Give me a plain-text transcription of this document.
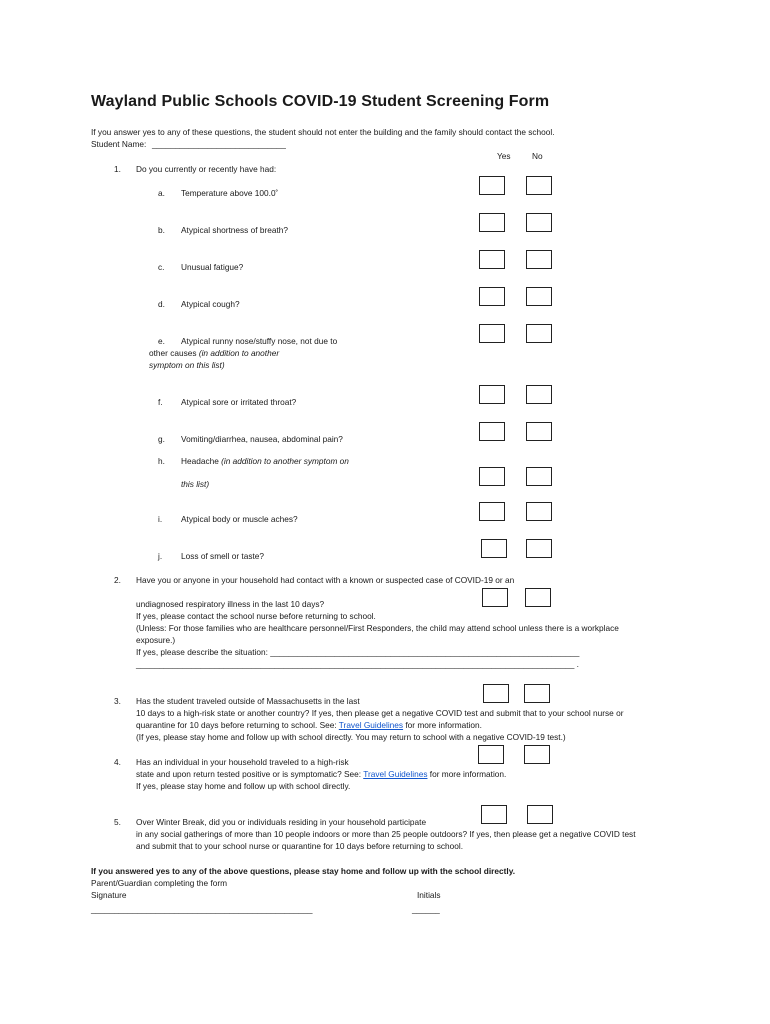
Wayland Public Schools COVID-19 Student Screening Form
If you answer yes to any of these questions, the student should not enter the building and the family should contact the school.
Student Name: _____________________________
Yes	No
1. Do you currently or recently have had:
a. Temperature above 100.0˚
b. Atypical shortness of breath?
c. Unusual fatigue?
d. Atypical cough?
e. Atypical runny nose/stuffy nose, not due to
other causes (in addition to another
symptom on this list)
f. Atypical sore or irritated throat?
g. Vomiting/diarrhea, nausea, abdominal pain?
h. Headache (in addition to another symptom on
this list)
i. Atypical body or muscle aches?
j. Loss of smell or taste?
2. Have you or anyone in your household had contact with a known or suspected case of COVID-19 or an
undiagnosed respiratory illness in the last 10 days?
If yes, please contact the school nurse before returning to school.
(Unless: For those families who are healthcare personnel/First Responders, the child may attend school unless there is a workplace
exposure.)
If yes, please describe the situation: ___________________________________________________________________
_______________________________________________________________________________________________ .
3. Has the student traveled outside of Massachusetts in the last
10 days to a high-risk state or another country? If yes, then please get a negative COVID test and submit that to your school nurse or
quarantine for 10 days before returning to school. See: Travel Guidelines for more information.
(If yes, please stay home and follow up with school directly. You may return to school with a negative COVID-19 test.)
4. Has an individual in your household traveled to a high-risk
state and upon return tested positive or is symptomatic? See: Travel Guidelines for more information.
If yes, please stay home and follow up with school directly.
5. Over Winter Break, did you or individuals residing in your household participate
in any social gatherings of more than 10 people indoors or more than 25 people outdoors? If yes, then please get a negative COVID test
and submit that to your school nurse or quarantine for 10 days before returning to school.
If you answered yes to any of the above questions, please stay home and follow up with the school directly.
Parent/Guardian completing the form
Signature	Initials
________________________________________________	______
